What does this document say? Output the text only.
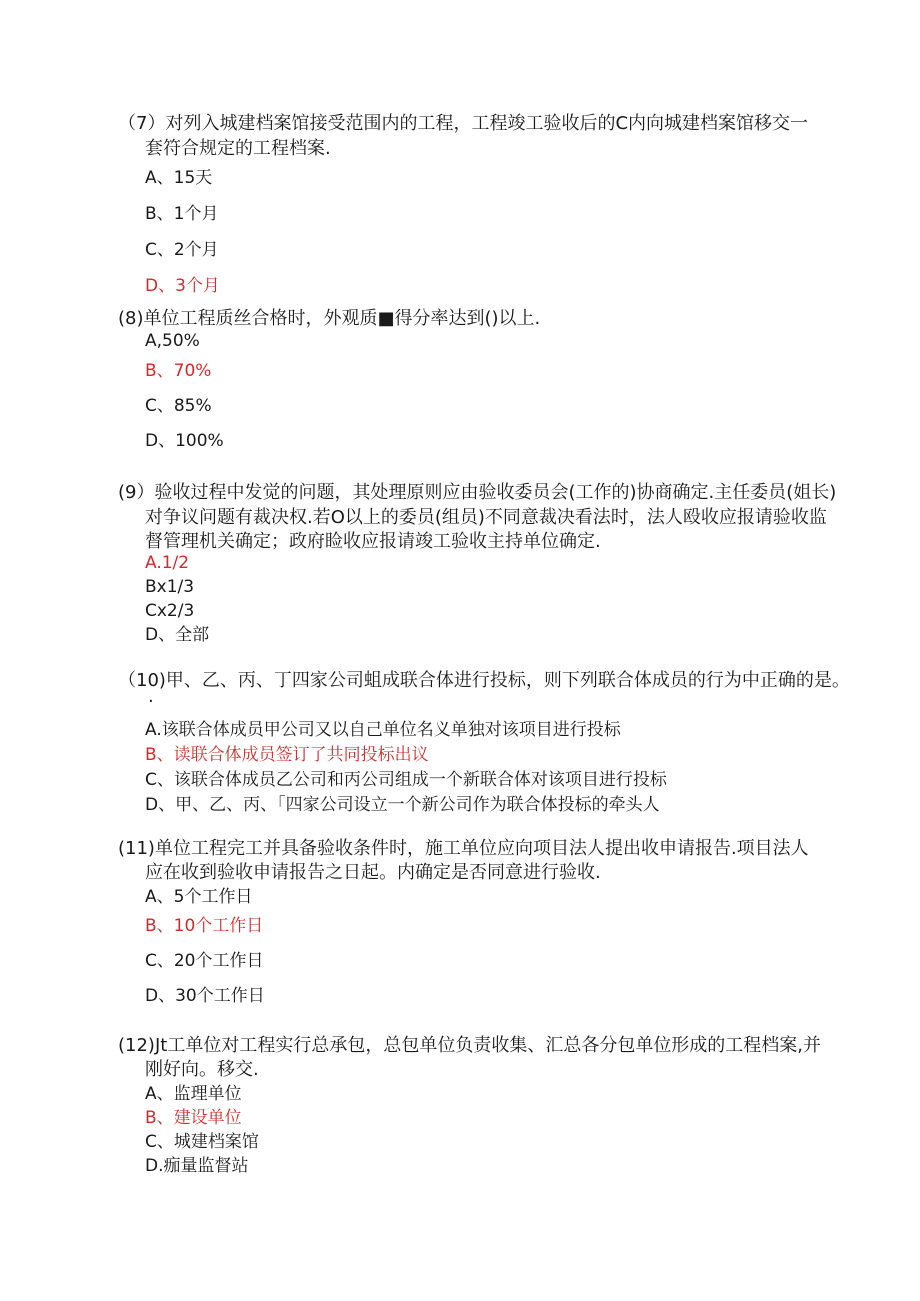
（7）对列入城建档案馆接受范围内的工程，工程竣工验收后的C内向城建档案馆移交一
套符合规定的工程档案.
A、15天
B、1个月
C、2个月
D、3个月
(8)单位工程质丝合格时，外观质■得分率达到()以上.
A,50%
B、70%
C、85%
D、100%
(9）验收过程中发觉的问题，其处理原则应由验收委员会(工作的)协商确定.主任委员(姐长)
对争议问题有裁决权.若O以上的委员(组员)不同意裁决看法时，法人殴收应报请验收监
督管理机关确定；政府睑收应报请竣工验收主持单位确定.
A.1/2
Bx1/3
Cx2/3
D、全部
（10)甲、乙、丙、丁四家公司蛆成联合体进行投标，则下列联合体成员的行为中正确的是。
·
A.该联合体成员甲公司又以自己单位名义单独对该项目进行投标
B、读联合体成员签订了共同投标出议
C、该联合体成员乙公司和丙公司组成一个新联合体对该项目进行投标
D、甲、乙、丙、「四家公司设立一个新公司作为联合体投标的牵头人
(11)单位工程完工并具备验收条件时，施工单位应向项目法人提出收申请报告.项目法人
应在收到验收申请报告之日起。内确定是否同意进行验收.
A、5个工作日
B、10个工作日
C、20个工作日
D、30个工作日
(12)Jt工单位对工程实行总承包，总包单位负责收集、汇总各分包单位形成的工程档案,并
刚好向。移交.
A、监理单位
B、建设单位
C、城建档案馆
D.痂量监督站
